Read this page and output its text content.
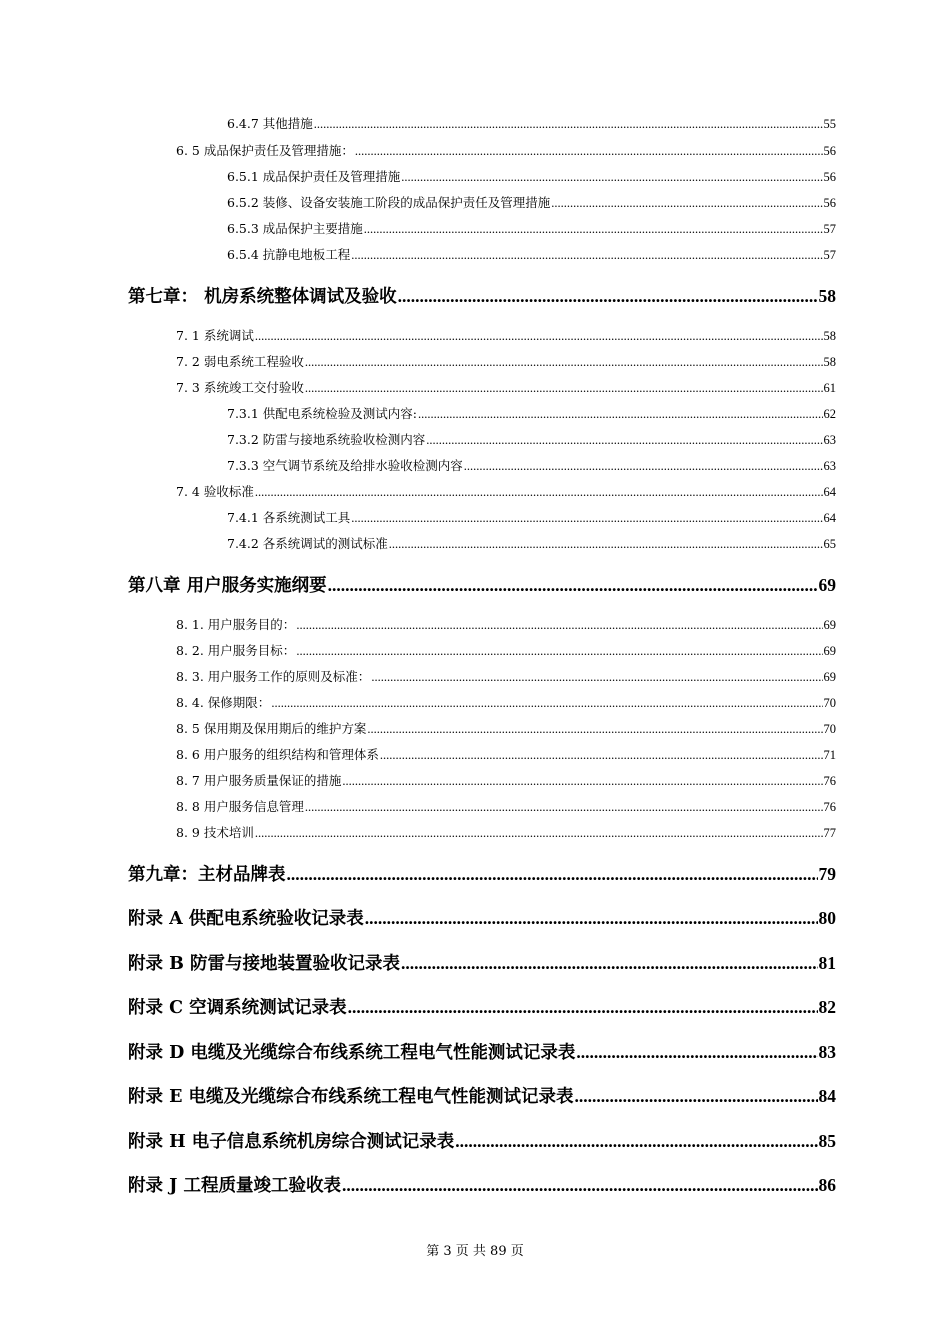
6.4.7 其他措施 .....	55
6. 5 成品保护责任及管理措施： .....	56
6.5.1 成品保护责任及管理措施 .....	56
6.5.2 装修、设备安装施工阶段的成品保护责任及管理措施 .....	56
6.5.3 成品保护主要措施 .....	57
6.5.4 抗静电地板工程 .....	57
第七章： 机房系统整体调试及验收 .....	58
7. 1 系统调试 .....	58
7. 2 弱电系统工程验收 .....	58
7. 3 系统竣工交付验收 .....	61
7.3.1 供配电系统检验及测试内容: .....	62
7.3.2 防雷与接地系统验收检测内容 .....	63
7.3.3 空气调节系统及给排水验收检测内容 .....	63
7. 4 验收标准 .....	64
7.4.1 各系统测试工具 .....	64
7.4.2 各系统调试的测试标准 .....	65
第八章 用户服务实施纲要 .....	69
8. 1. 用户服务目的： .....	69
8. 2. 用户服务目标： .....	69
8. 3. 用户服务工作的原则及标准： .....	69
8. 4. 保修期限： .....	70
8. 5 保用期及保用期后的维护方案 .....	70
8. 6 用户服务的组织结构和管理体系 .....	71
8. 7 用户服务质量保证的措施 .....	76
8. 8 用户服务信息管理 .....	76
8. 9 技术培训 .....	77
第九章：主材品牌表 .....	79
附录 A 供配电系统验收记录表 .....	80
附录 B 防雷与接地装置验收记录表 .....	81
附录 C 空调系统测试记录表 .....	82
附录 D 电缆及光缆综合布线系统工程电气性能测试记录表 .....	83
附录 E 电缆及光缆综合布线系统工程电气性能测试记录表 .....	84
附录 H 电子信息系统机房综合测试记录表 .....	85
附录 J 工程质量竣工验收表 .....	86
第 3 页 共 89 页
